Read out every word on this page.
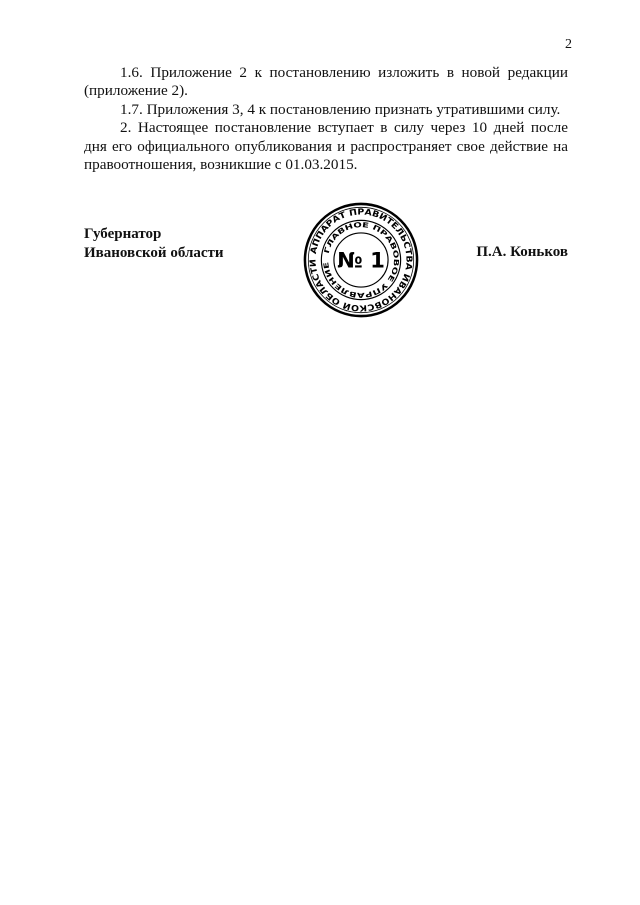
2

1.6. Приложение 2 к постановлению изложить в новой редакции (приложение 2).

1.7. Приложения 3, 4 к постановлению признать утратившими силу.

2. Настоящее постановление вступает в силу через 10 дней после дня его официального опубликования и распространяет свое действие на правоотношения, возникшие с 01.03.2015.

Губернатор
Ивановской области	П.А. Коньков
АППАРАТ ПРАВИТЕЛЬСТВА ИВАНОВСКОЙ ОБЛАСТИ
ГЛАВНОЕ ПРАВОВОЕ УПРАВЛЕНИЕ № 1
